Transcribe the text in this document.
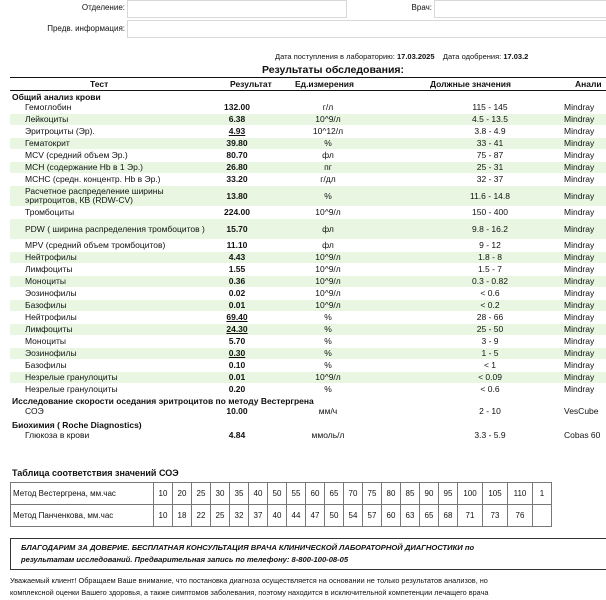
Отделение:	Врач:
Предв. информация:
Дата поступления в лабораторию: 17.03.2025 Дата одобрения: 17.03.2
Результаты обследования:
Тест	Результат	Ед.измерения	Должные значения	Анали
Общий анализ крови
Гемоглобин	132.00	г/л	115 - 145	Mindray
Лейкоциты	6.38	10^9/л	4.5 - 13.5	Mindray
Эритроциты (Эр).	4.93	10^12/л	3.8 - 4.9	Mindray
Гематокрит	39.80	%	33 - 41	Mindray
MCV (средний объем Эр.)	80.70	фл	75 - 87	Mindray
MCH (содержание Hb в 1 Эр.)	26.80	пг	25 - 31	Mindray
MCHC (средн. концентр. Hb в Эр.)	33.20	г/дл	32 - 37	Mindray
Расчетное распределение ширины эритроцитов, КВ (RDW-CV)	13.80	%	11.6 - 14.8	Mindray
Тромбоциты	224.00	10^9/л	150 - 400	Mindray
PDW ( ширина распределения тромбоцитов )	15.70	фл	9.8 - 16.2	Mindray
MPV (средний объем тромбоцитов)	11.10	фл	9 - 12	Mindray
Нейтрофилы	4.43	10^9/л	1.8 - 8	Mindray
Лимфоциты	1.55	10^9/л	1.5 - 7	Mindray
Моноциты	0.36	10^9/л	0.3 - 0.82	Mindray
Эозинофилы	0.02	10^9/л	< 0.6	Mindray
Базофилы	0.01	10^9/л	< 0.2	Mindray
Нейтрофилы	69.40	%	28 - 66	Mindray
Лимфоциты	24.30	%	25 - 50	Mindray
Моноциты	5.70	%	3 - 9	Mindray
Эозинофилы	0.30	%	1 - 5	Mindray
Базофилы	0.10	%	< 1	Mindray
Незрелые гранулоциты	0.01	10^9/л	< 0.09	Mindray
Незрелые гранулоциты	0.20	%	< 0.6	Mindray
Исследование скорости оседания эритроцитов по методу Вестергрена
СОЭ	10.00	мм/ч	2 - 10	VesCube
Биохимия ( Roche Diagnostics)
Глюкоза в крови	4.84	ммоль/л	3.3 - 5.9	Cobas 60
Таблица соответствия значений СОЭ
Метод Вестергрена, мм.час	10	20	25	30	35	40	50	55	60	65	70	75	80	85	90	95	100	105	110	1
Метод Панченкова, мм.час	10	18	22	25	32	37	40	44	47	50	54	57	60	63	65	68	71	73	76	
БЛАГОДАРИМ ЗА ДОВЕРИЕ. БЕСПЛАТНАЯ КОНСУЛЬТАЦИЯ ВРАЧА КЛИНИЧЕСКОЙ ЛАБОРАТОРНОЙ ДИАГНОСТИКИ по
результатам исследований. Предварительная запись по телефону: 8-800-100-08-05
Уважаемый клиент! Обращаем Ваше внимание, что постановка диагноза осуществляется на основании не только результатов анализов, но
комплексной оценки Вашего здоровья, а также симптомов заболевания, поэтому находится в исключительной компетенции лечащего врача
